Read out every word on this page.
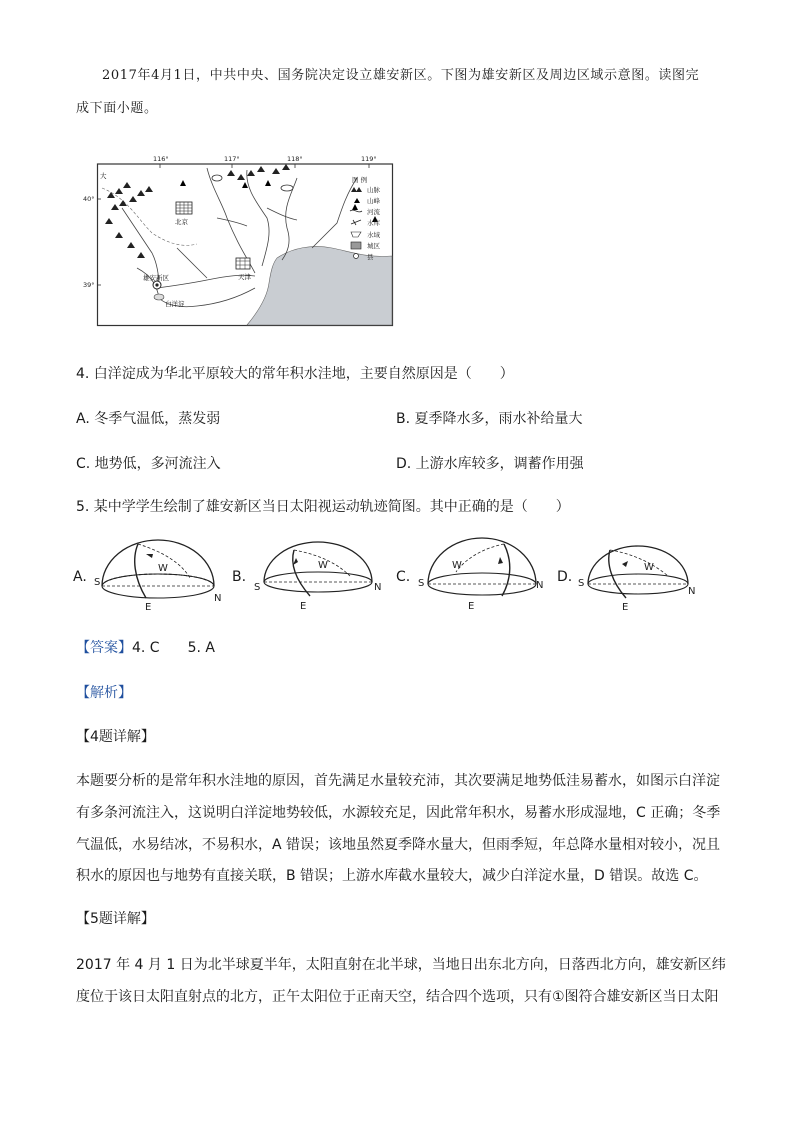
2017年4月1日，中共中央、国务院决定设立雄安新区。下图为雄安新区及周边区域示意图。读图完
成下面小题。
116°	117°	118°	119°
40°
39°
大
北京
雄安新区
白洋淀
天津
图 例
山脉
山峰
河流
水库
水域
城区
县
4. 白洋淀成为华北平原较大的常年积水洼地，主要自然原因是（　　）
A. 冬季气温低，蒸发弱	B. 夏季降水多，雨水补给量大
C. 地势低，多河流注入	D. 上游水库较多，调蓄作用强
5. 某中学学生绘制了雄安新区当日太阳视运动轨迹简图。其中正确的是（　　）
A. S
N
E
W
B.
S	N
E
W
C. S	N
E
W
D. S
N
E
W
【答案】4. C　　5. A
【解析】
【4题详解】
本题要分析的是常年积水洼地的原因，首先满足水量较充沛，其次要满足地势低洼易蓄水，如图示白洋淀
有多条河流注入，这说明白洋淀地势较低，水源较充足，因此常年积水，易蓄水形成湿地，C 正确；冬季
气温低，水易结冰，不易积水，A 错误；该地虽然夏季降水量大，但雨季短，年总降水量相对较小，况且
积水的原因也与地势有直接关联，B 错误；上游水库截水量较大，减少白洋淀水量，D 错误。故选 C。
【5题详解】
2017 年 4 月 1 日为北半球夏半年，太阳直射在北半球，当地日出东北方向，日落西北方向，雄安新区纬
度位于该日太阳直射点的北方，正午太阳位于正南天空，结合四个选项，只有①图符合雄安新区当日太阳
